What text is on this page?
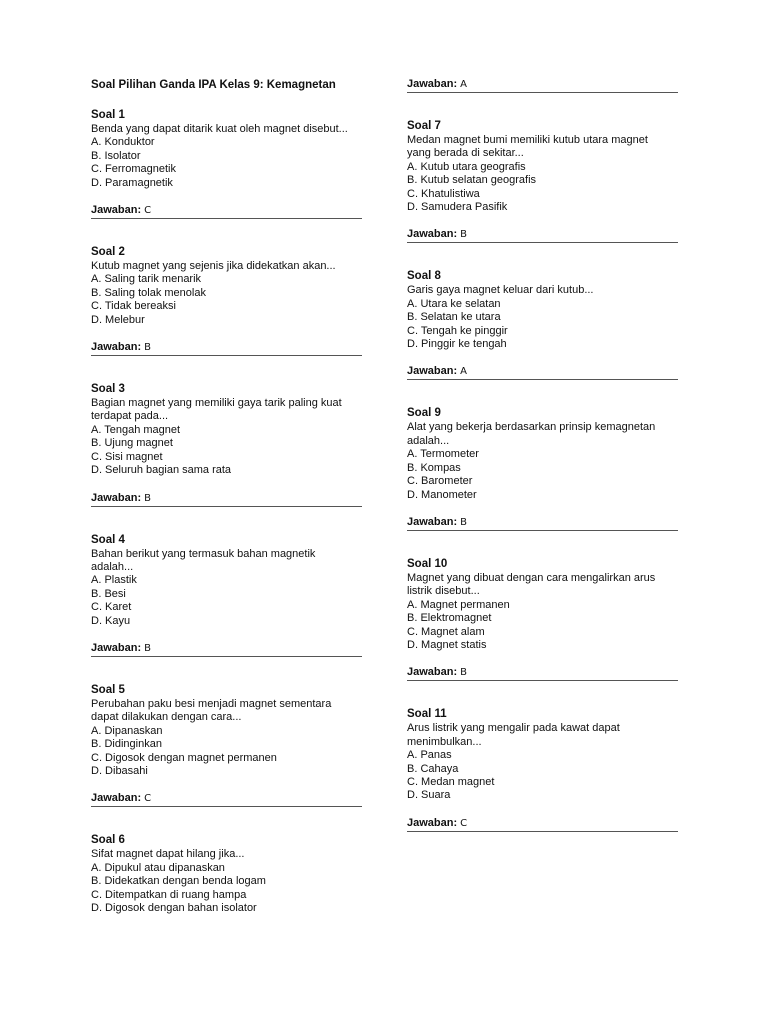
Soal Pilihan Ganda IPA Kelas 9: Kemagnetan
Soal 1
Benda yang dapat ditarik kuat oleh magnet disebut...
A. Konduktor
B. Isolator
C. Ferromagnetik
D. Paramagnetik
Jawaban: C
Soal 2
Kutub magnet yang sejenis jika didekatkan akan...
A. Saling tarik menarik
B. Saling tolak menolak
C. Tidak bereaksi
D. Melebur
Jawaban: B
Soal 3
Bagian magnet yang memiliki gaya tarik paling kuat
terdapat pada...
A. Tengah magnet
B. Ujung magnet
C. Sisi magnet
D. Seluruh bagian sama rata
Jawaban: B
Soal 4
Bahan berikut yang termasuk bahan magnetik
adalah...
A. Plastik
B. Besi
C. Karet
D. Kayu
Jawaban: B
Soal 5
Perubahan paku besi menjadi magnet sementara
dapat dilakukan dengan cara...
A. Dipanaskan
B. Didinginkan
C. Digosok dengan magnet permanen
D. Dibasahi
Jawaban: C
Soal 6
Sifat magnet dapat hilang jika...
A. Dipukul atau dipanaskan
B. Didekatkan dengan benda logam
C. Ditempatkan di ruang hampa
D. Digosok dengan bahan isolator
Jawaban: A
Soal 7
Medan magnet bumi memiliki kutub utara magnet
yang berada di sekitar...
A. Kutub utara geografis
B. Kutub selatan geografis
C. Khatulistiwa
D. Samudera Pasifik
Jawaban: B
Soal 8
Garis gaya magnet keluar dari kutub...
A. Utara ke selatan
B. Selatan ke utara
C. Tengah ke pinggir
D. Pinggir ke tengah
Jawaban: A
Soal 9
Alat yang bekerja berdasarkan prinsip kemagnetan
adalah...
A. Termometer
B. Kompas
C. Barometer
D. Manometer
Jawaban: B
Soal 10
Magnet yang dibuat dengan cara mengalirkan arus
listrik disebut...
A. Magnet permanen
B. Elektromagnet
C. Magnet alam
D. Magnet statis
Jawaban: B
Soal 11
Arus listrik yang mengalir pada kawat dapat
menimbulkan...
A. Panas
B. Cahaya
C. Medan magnet
D. Suara
Jawaban: C
